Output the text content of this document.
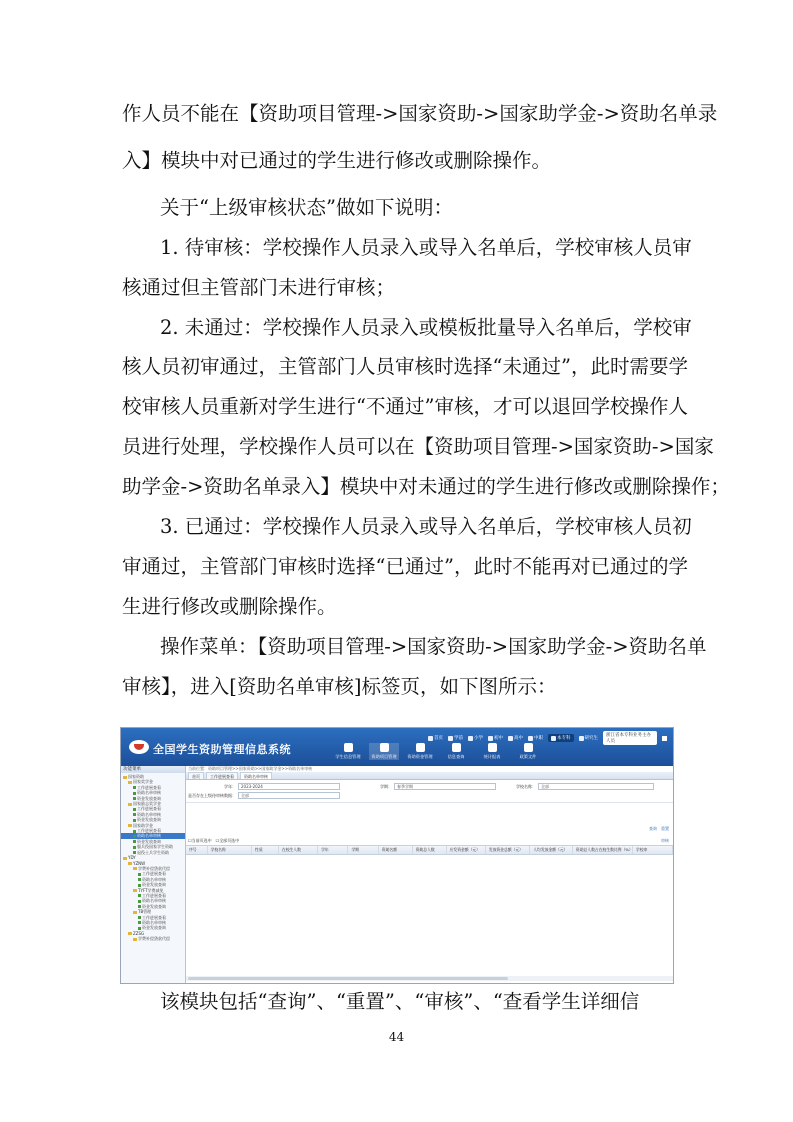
作人员不能在【资助项目管理->国家资助->国家助学金->资助名单录
入】模块中对已通过的学生进行修改或删除操作。
关于“上级审核状态”做如下说明：
1. 待审核：学校操作人员录入或导入名单后，学校审核人员审
核通过但主管部门未进行审核；
2. 未通过：学校操作人员录入或模板批量导入名单后，学校审
核人员初审通过，主管部门人员审核时选择“未通过”，此时需要学
校审核人员重新对学生进行“不通过”审核，才可以退回学校操作人
员进行处理，学校操作人员可以在【资助项目管理->国家资助->国家
助学金->资助名单录入】模块中对未通过的学生进行修改或删除操作；
3. 已通过：学校操作人员录入或导入名单后，学校审核人员初
审通过，主管部门审核时选择“已通过”，此时不能再对已通过的学
生进行修改或删除操作。
操作菜单：【资助项目管理->国家资助->国家助学金->资助名单
审核】，进入[资助名单审核]标签页，如下图所示：
该模块包括“查询”、“重置”、“审核”、“查看学生详细信
全国学生资助管理信息系统
首页 学前 小学 初中 高中 中职	本专科	研究生
浙江省本专科业务主办人员
学生信息管理	资助项目管理	资助资金管理	信息查询	统计报表	政策文件
功能菜单
国家资助
国家奖学金
工作进展查看
资助名单审核
资金发放查询
国家励志奖学金
工作进展查看
资助名单审核
资金发放查询
国家助学金
工作进展查看
资助名单审核
资金发放查询
服兵役国家学生资助
退役士兵学生资助
YDY
YZNW
学费补偿贷款代偿
工作进展查看
资助名单审核
资金发放查询
TYFT学费减免
工作进展查看
资助名单审核
资金发放查询
TB管理
工作进展查看
资助名单审核
资金发放查询
ZZSG
学费补偿贷款代偿
当前位置：资助项目管理>>国家资助>>国家助学金>>资助名单审核
首页	工作进展查看	资助名单审核
学年：	2023-2024	学期：	春季学期	学校名称：	全部
是否存在上级待审核数据：	全部
查询 重置
☐当前页选中 ☐全部页选中	审核
序号	学校名称	性质	在校生人数	学年	学期	资助名额	资助总人数	应发资金额（元）	发放资金总额（元）	人均发放金额（元）	资助总人数占在校生数比例（%） 学校审
44
